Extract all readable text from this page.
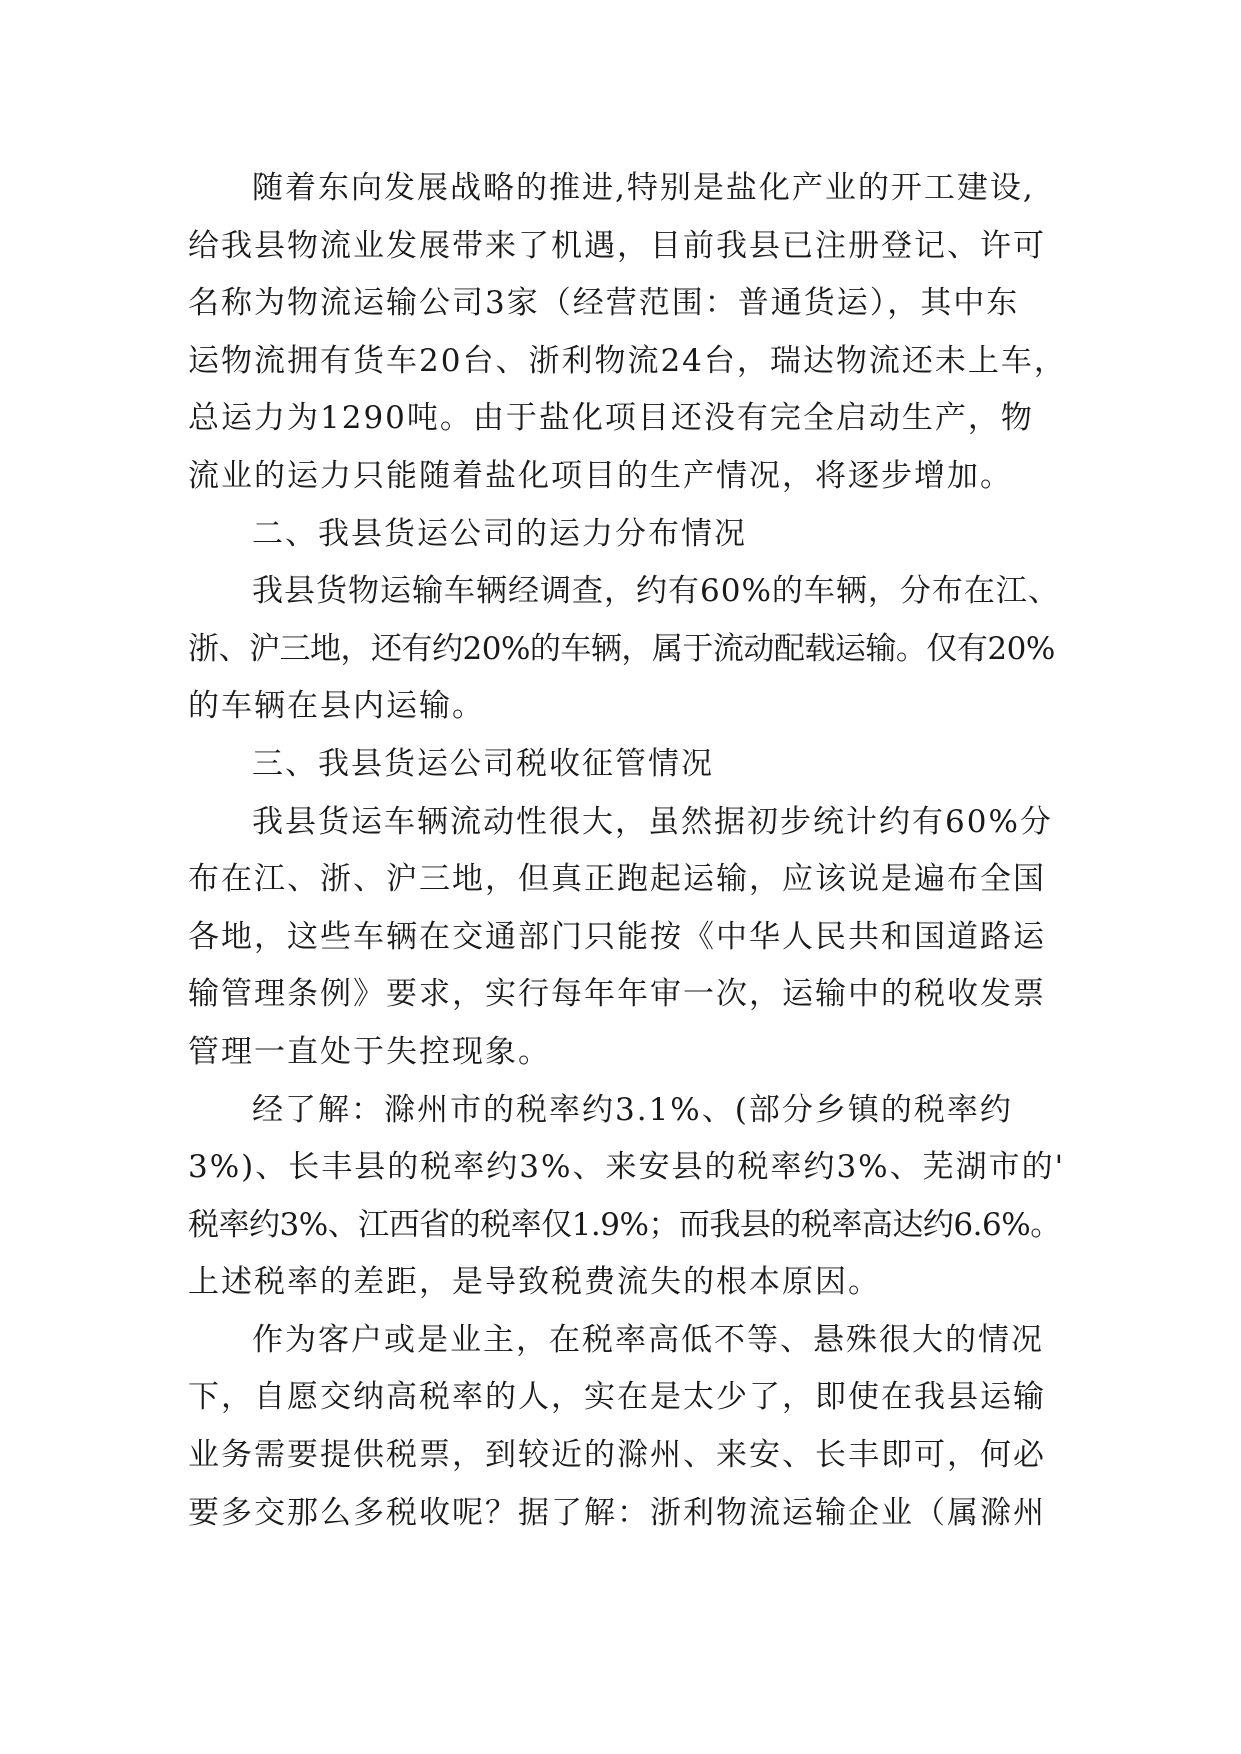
随着东向发展战略的推进,特别是盐化产业的开工建设,
给我县物流业发展带来了机遇，目前我县已注册登记、许可
名称为物流运输公司3家（经营范围：普通货运），其中东
运物流拥有货车20台、浙利物流24台，瑞达物流还未上车，
总运力为1290吨。由于盐化项目还没有完全启动生产，物
流业的运力只能随着盐化项目的生产情况，将逐步增加。
二、我县货运公司的运力分布情况
我县货物运输车辆经调查，约有60%的车辆，分布在江、
浙、沪三地，还有约20%的车辆，属于流动配载运输。仅有20%
的车辆在县内运输。
三、我县货运公司税收征管情况
我县货运车辆流动性很大，虽然据初步统计约有60%分
布在江、浙、沪三地，但真正跑起运输，应该说是遍布全国
各地，这些车辆在交通部门只能按《中华人民共和国道路运
输管理条例》要求，实行每年年审一次，运输中的税收发票
管理一直处于失控现象。
经了解：滁州市的税率约3.1%、(部分乡镇的税率约
3%)、长丰县的税率约3%、来安县的税率约3%、芜湖市的'
税率约3%、江西省的税率仅1.9%；而我县的税率高达约6.6%。
上述税率的差距，是导致税费流失的根本原因。
作为客户或是业主，在税率高低不等、悬殊很大的情况
下，自愿交纳高税率的人，实在是太少了，即使在我县运输
业务需要提供税票，到较近的滁州、来安、长丰即可，何必
要多交那么多税收呢？据了解：浙利物流运输企业（属滁州
